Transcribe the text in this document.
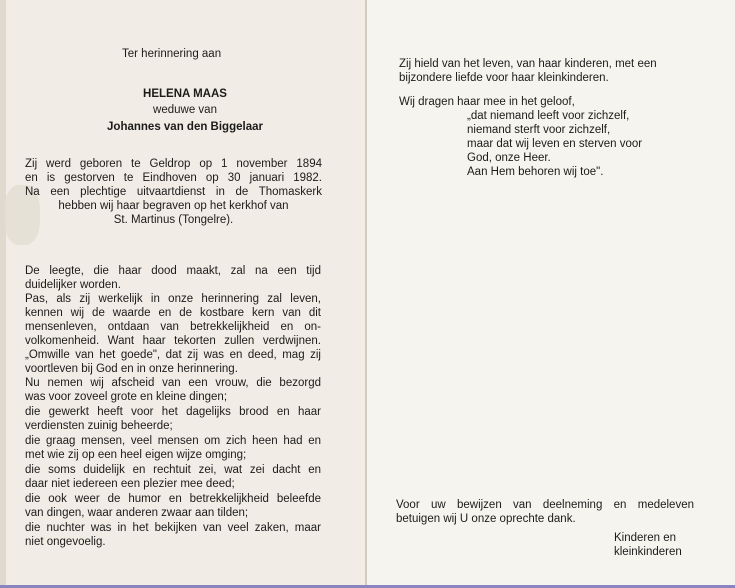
Ter herinnering aan
HELENA MAAS
weduwe van
Johannes van den Biggelaar
Zij werd geboren te Geldrop op 1 november 1894
en is gestorven te Eindhoven op 30 januari 1982.
Na een plechtige uitvaartdienst in de Thomaskerk
hebben wij haar begraven op het kerkhof van
St. Martinus (Tongelre).
De leegte, die haar dood maakt, zal na een tijd
duidelijker worden.
Pas, als zij werkelijk in onze herinnering zal leven,
kennen wij de waarde en de kostbare kern van dit
mensenleven, ontdaan van betrekkelijkheid en on-
volkomenheid. Want haar tekorten zullen verdwijnen.
„Omwille van het goede", dat zij was en deed, mag zij
voortleven bij God en in onze herinnering.
Nu nemen wij afscheid van een vrouw, die bezorgd
was voor zoveel grote en kleine dingen;
die gewerkt heeft voor het dagelijks brood en haar
verdiensten zuinig beheerde;
die graag mensen, veel mensen om zich heen had en
met wie zij op een heel eigen wijze omging;
die soms duidelijk en rechtuit zei, wat zei dacht en
daar niet iedereen een plezier mee deed;
die ook weer de humor en betrekkelijkheid beleefde
van dingen, waar anderen zwaar aan tilden;
die nuchter was in het bekijken van veel zaken, maar
niet ongevoelig.
Zij hield van het leven, van haar kinderen, met een
bijzondere liefde voor haar kleinkinderen.
Wij dragen haar mee in het geloof,
„dat niemand leeft voor zichzelf,
niemand sterft voor zichzelf,
maar dat wij leven en sterven voor
God, onze Heer.
Aan Hem behoren wij toe".
Voor uw bewijzen van deelneming en medeleven
betuigen wij U onze oprechte dank.
Kinderen en
kleinkinderen
